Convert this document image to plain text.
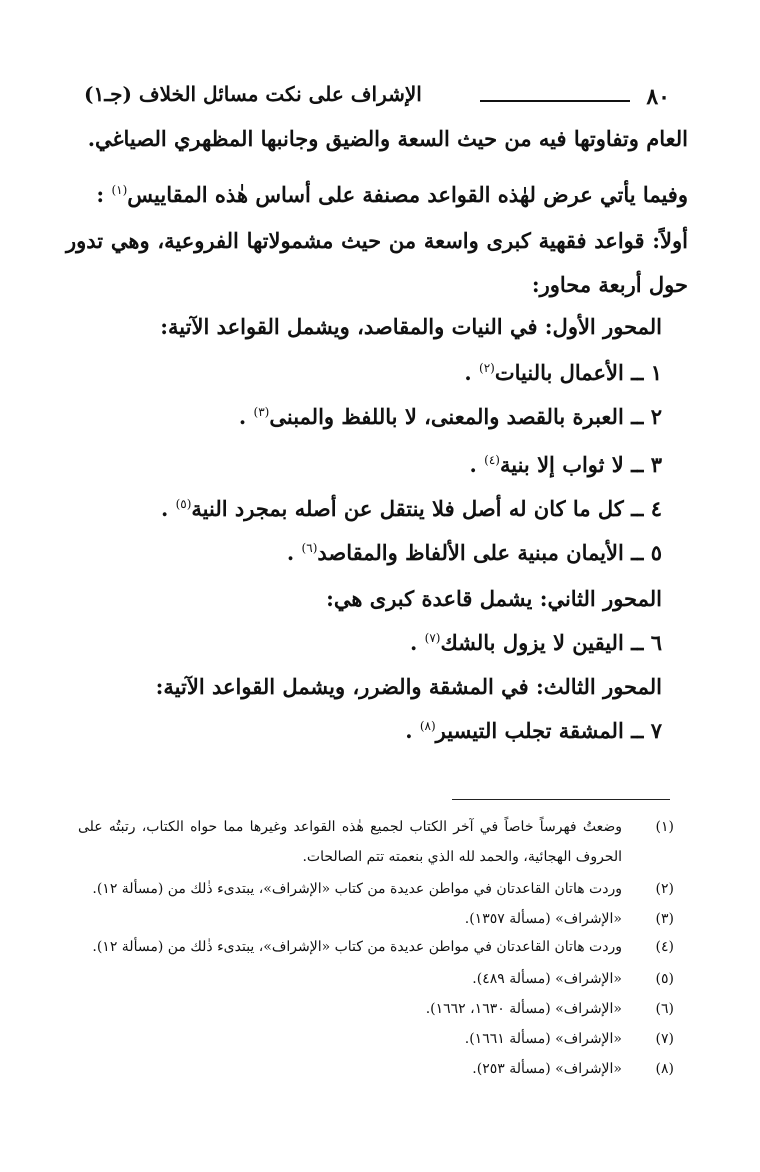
٨٠
الإشراف على نكت مسائل الخلاف (جـ١)
العام وتفاوتها فيه من حيث السعة والضيق وجانبها المظهري الصياغي.
وفيما يأتي عرض لهٰذه القواعد مصنفة على أساس هٰذه المقاييس$^{(١)}$ :
أولاً: قواعد فقهية كبرى واسعة من حيث مشمولاتها الفروعية، وهي تدور
حول أربعة محاور:
المحور الأول: في النيات والمقاصد، ويشمل القواعد الآتية:
١ ــ الأعمال بالنيات$^{(٢)}$ .
٢ ــ العبرة بالقصد والمعنى، لا باللفظ والمبنى$^{(٣)}$ .
٣ ــ لا ثواب إلا بنية$^{(٤)}$ .
٤ ــ كل ما كان له أصل فلا ينتقل عن أصله بمجرد النية$^{(٥)}$ .
٥ ــ الأيمان مبنية على الألفاظ والمقاصد$^{(٦)}$ .
المحور الثاني: يشمل قاعدة كبرى هي:
٦ ــ اليقين لا يزول بالشك$^{(٧)}$ .
المحور الثالث: في المشقة والضرر، ويشمل القواعد الآتية:
٧ ــ المشقة تجلب التيسير$^{(٨)}$ .
(١)
وضعتُ فهرساً خاصاً في آخر الكتاب لجميع هٰذه القواعد وغيرها مما حواه الكتاب، رتبتُه على الحروف الهجائية، والحمد لله الذي بنعمته تتم الصالحات.
(٢)
وردت هاتان القاعدتان في مواطن عديدة من كتاب «الإشراف»، يبتدىء ذٰلك من (مسألة ١٢).
(٣)
«الإشراف» (مسألة ١٣٥٧).
(٤)
وردت هاتان القاعدتان في مواطن عديدة من كتاب «الإشراف»، يبتدىء ذٰلك من (مسألة ١٢).
(٥)
«الإشراف» (مسألة ٤٨٩).
(٦)
«الإشراف» (مسألة ١٦٣٠، ١٦٦٢).
(٧)
«الإشراف» (مسألة ١٦٦١).
(٨)
«الإشراف» (مسألة ٢٥٣).
